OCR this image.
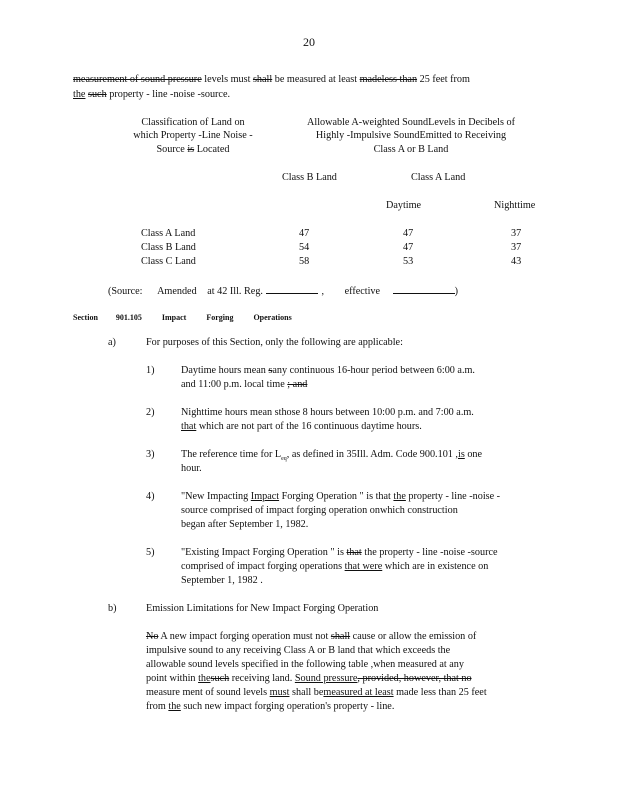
20
measurement of sound pressure levels must shall be measured at least madeless than 25 feet from
the such property - line -noise -source.
Classification of Land on
which Property -Line Noise -
Source is Located
Allowable A-weighted SoundLevels in Decibels of
Highly -Impulsive SoundEmitted to Receiving
Class A or B Land
Class B Land	Class A Land
Daytime	Nighttime
Class A Land	47	47	37
Class B Land	54	47	37
Class C Land	58	53	43
(Source: Amended at 42 Ill. Reg.	, effective	)
Section 901.105	Impact	Forging	Operations
a)	For purposes of this Section, only the following are applicable:
1)	Daytime hours mean sany continuous 16-hour period between 6:00 a.m.
and 11:00 p.m. local time ; and
2)	Nighttime hours mean sthose 8 hours between 10:00 p.m. and 7:00 a.m.
that which are not part of the 16 continuous daytime hours.
3)	The reference time for $L_{eq}$, as defined in 35Ill. Adm. Code 900.101 ,is one
hour.
4)	"New Impacting Impact Forging Operation " is that the property - line -noise -
source comprised of impact forging operation onwhich construction
began after September 1, 1982.
5)	"Existing Impact Forging Operation " is that the property - line -noise -source
comprised of impact forging operations that were which are in existence on
September 1, 1982 .
b)	Emission Limitations for New Impact Forging Operation
No A new impact forging operation must not shall cause or allow the emission of
impulsive sound to any receiving Class A or B land that which exceeds the
allowable sound levels specified in the following table ,when measured at any
point within thesuch receiving land. Sound pressure, provided, however, that no
measure ment of sound levels must shall bemeasured at least made less than 25 feet
from the such new impact forging operation's property - line.
